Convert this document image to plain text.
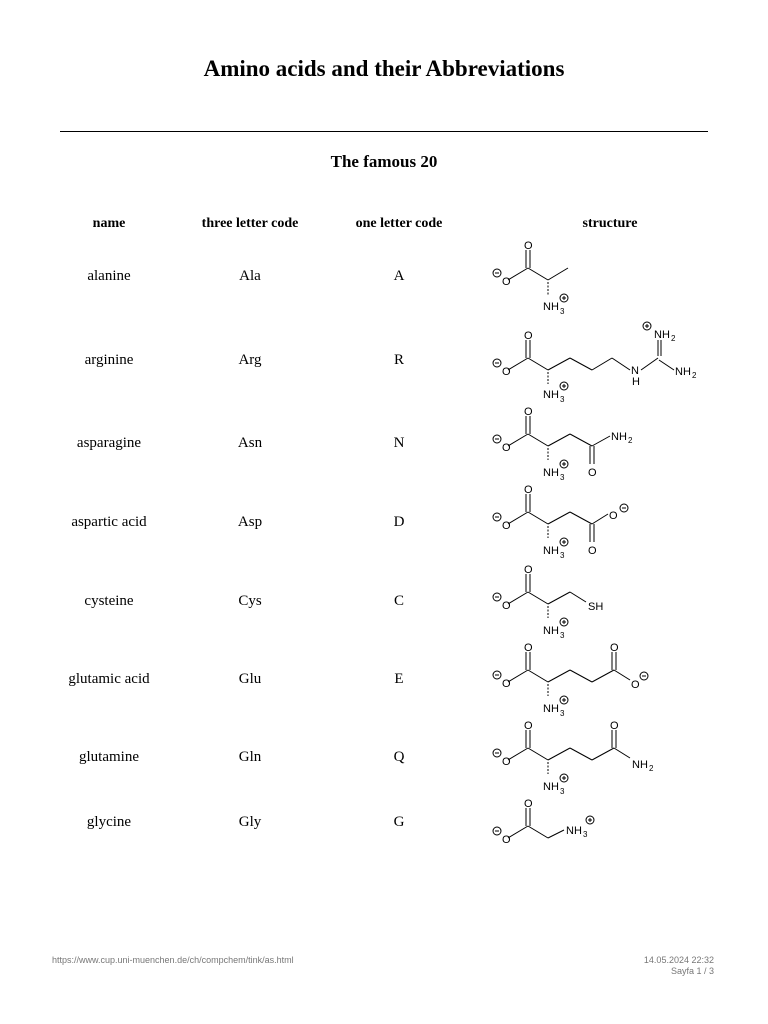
Amino acids and their Abbreviations
The famous 20
name	three letter code	one letter code	structure
alanine	Ala	A
O
O
NH 3
arginine	Arg	R
O
O
NH 3
N
H
NH 2
NH 2
asparagine	Asn	N
O
O
NH 3 O
NH 2
aspartic acid	Asp	D
O
O
NH 3 O
O
cysteine	Cys	C
O
O
NH 3
SH
glutamic acid	Glu	E
O
O
NH 3
O
O
glutamine	Gln	Q
O
O
NH 3
O
NH 2
glycine	Gly	G
O
O
NH 3
https://www.cup.uni-muenchen.de/ch/compchem/tink/as.html	14.05.2024 22:32
Sayfa 1 / 3
